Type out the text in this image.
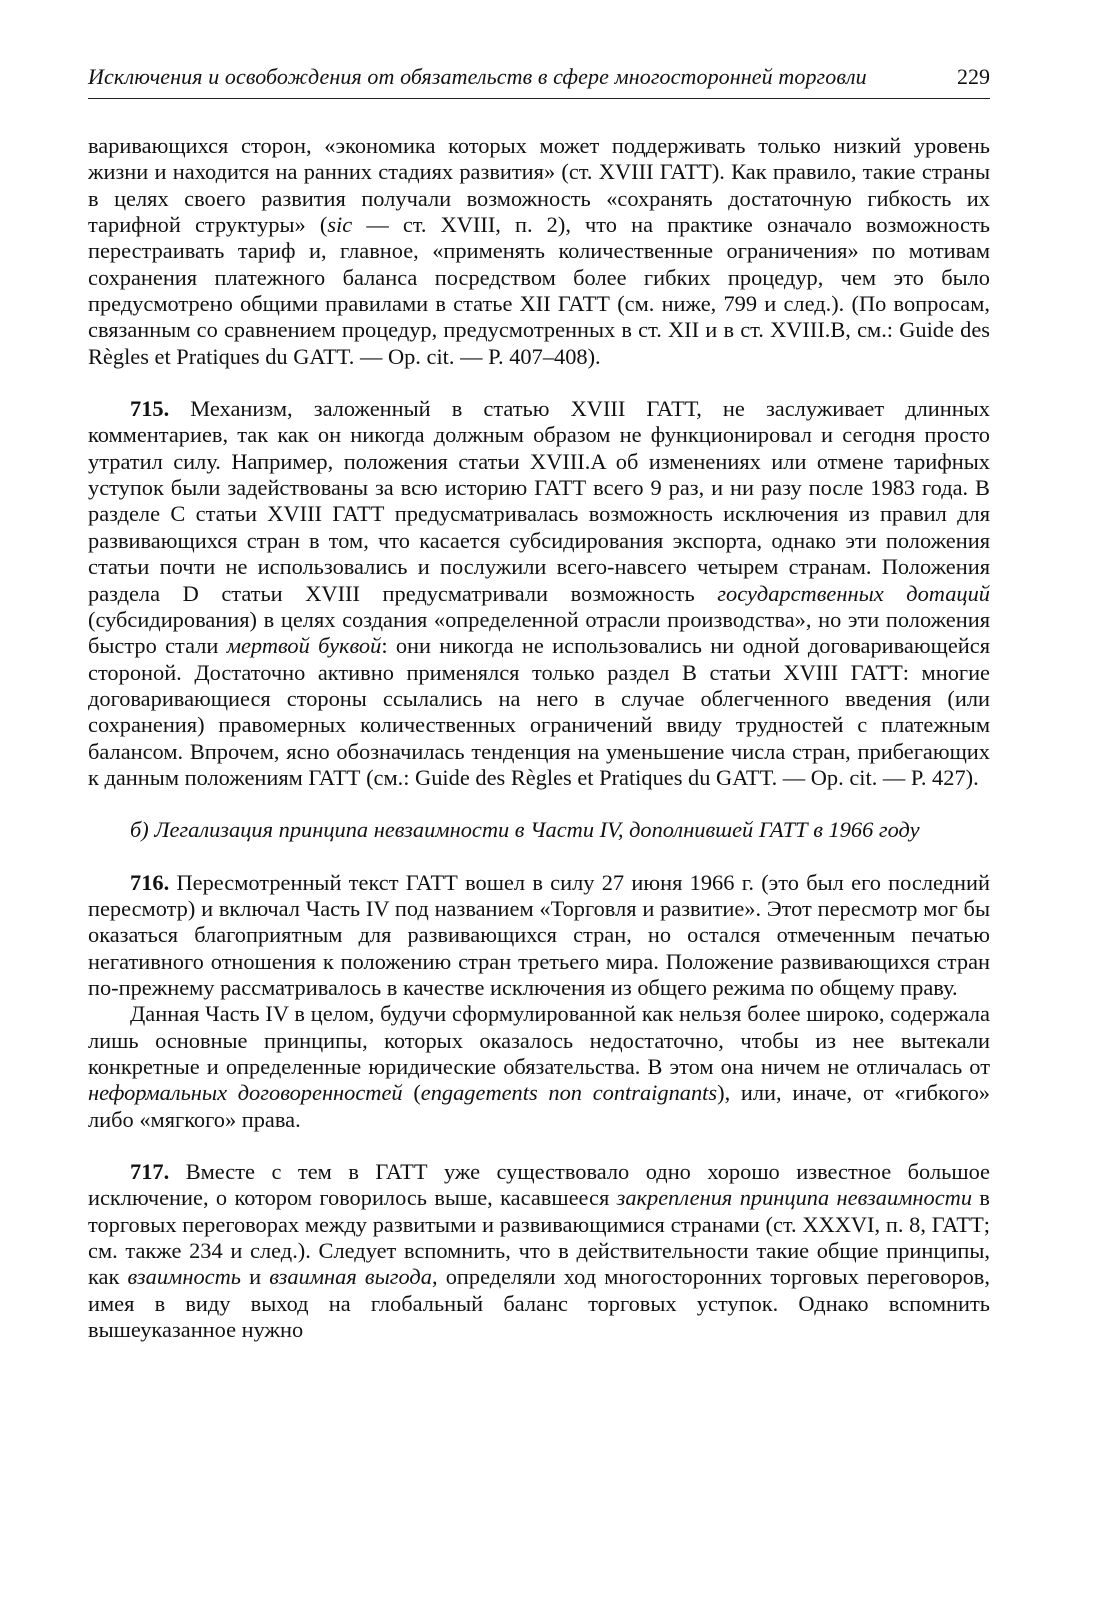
Исключения и освобождения от обязательств в сфере многосторонней торговли	229

варивающихся сторон, «экономика которых может поддерживать только низкий уровень жизни и находится на ранних стадиях развития» (ст. XVIII ГАТТ). Как правило, такие страны в целях своего развития получали возможность «сохранять достаточную гибкость их тарифной структуры» (sic — ст. XVIII, п. 2), что на практике означало возможность перестраивать тариф и, главное, «применять количественные ограничения» по мотивам сохранения платежного баланса посредством более гибких процедур, чем это было предусмотрено общими правилами в статье XII ГАТТ (см. ниже, 799 и след.). (По вопросам, связанным со сравнением процедур, предусмотренных в ст. XII и в ст. XVIII.B, см.: Guide des Règles et Pratiques du GATT. — Op. cit. — P. 407–408).

715. Механизм, заложенный в статью XVIII ГАТТ, не заслуживает длинных комментариев, так как он никогда должным образом не функционировал и сегодня просто утратил силу. Например, положения статьи XVIII.A об изменениях или отмене тарифных уступок были задействованы за всю историю ГАТТ всего 9 раз, и ни разу после 1983 года. В разделе C статьи XVIII ГАТТ предусматривалась возможность исключения из правил для развивающихся стран в том, что касается субсидирования экспорта, однако эти положения статьи почти не использовались и послужили всего-навсего четырем странам. Положения раздела D статьи XVIII предусматривали возможность государственных дотаций (субсидирования) в целях создания «определенной отрасли производства», но эти положения быстро стали мертвой буквой: они никогда не использовались ни одной договаривающейся стороной. Достаточно активно применялся только раздел B статьи XVIII ГАТТ: многие договаривающиеся стороны ссылались на него в случае облегченного введения (или сохранения) правомерных количественных ограничений ввиду трудностей с платежным балансом. Впрочем, ясно обозначилась тенденция на уменьшение числа стран, прибегающих к данным положениям ГАТТ (см.: Guide des Règles et Pratiques du GATT. — Op. cit. — P. 427).

б) Легализация принципа невзаимности в Части IV, дополнившей ГАТТ в 1966 году

716. Пересмотренный текст ГАТТ вошел в силу 27 июня 1966 г. (это был его последний пересмотр) и включал Часть IV под названием «Торговля и развитие». Этот пересмотр мог бы оказаться благоприятным для развивающихся стран, но остался отмеченным печатью негативного отношения к положению стран третьего мира. Положение развивающихся стран по-прежнему рассматривалось в качестве исключения из общего режима по общему праву.

Данная Часть IV в целом, будучи сформулированной как нельзя более широко, содержала лишь основные принципы, которых оказалось недостаточно, чтобы из нее вытекали конкретные и определенные юридические обязательства. В этом она ничем не отличалась от неформальных договоренностей (engagements non contraignants), или, иначе, от «гибкого» либо «мягкого» права.

717. Вместе с тем в ГАТТ уже существовало одно хорошо известное большое исключение, о котором говорилось выше, касавшееся закрепления принципа невзаимности в торговых переговорах между развитыми и развивающимися странами (ст. XXXVI, п. 8, ГАТТ; см. также 234 и след.). Следует вспомнить, что в действительности такие общие принципы, как взаимность и взаимная выгода, определяли ход многосторонних торговых переговоров, имея в виду выход на глобальный баланс торговых уступок. Однако вспомнить вышеуказанное нужно
